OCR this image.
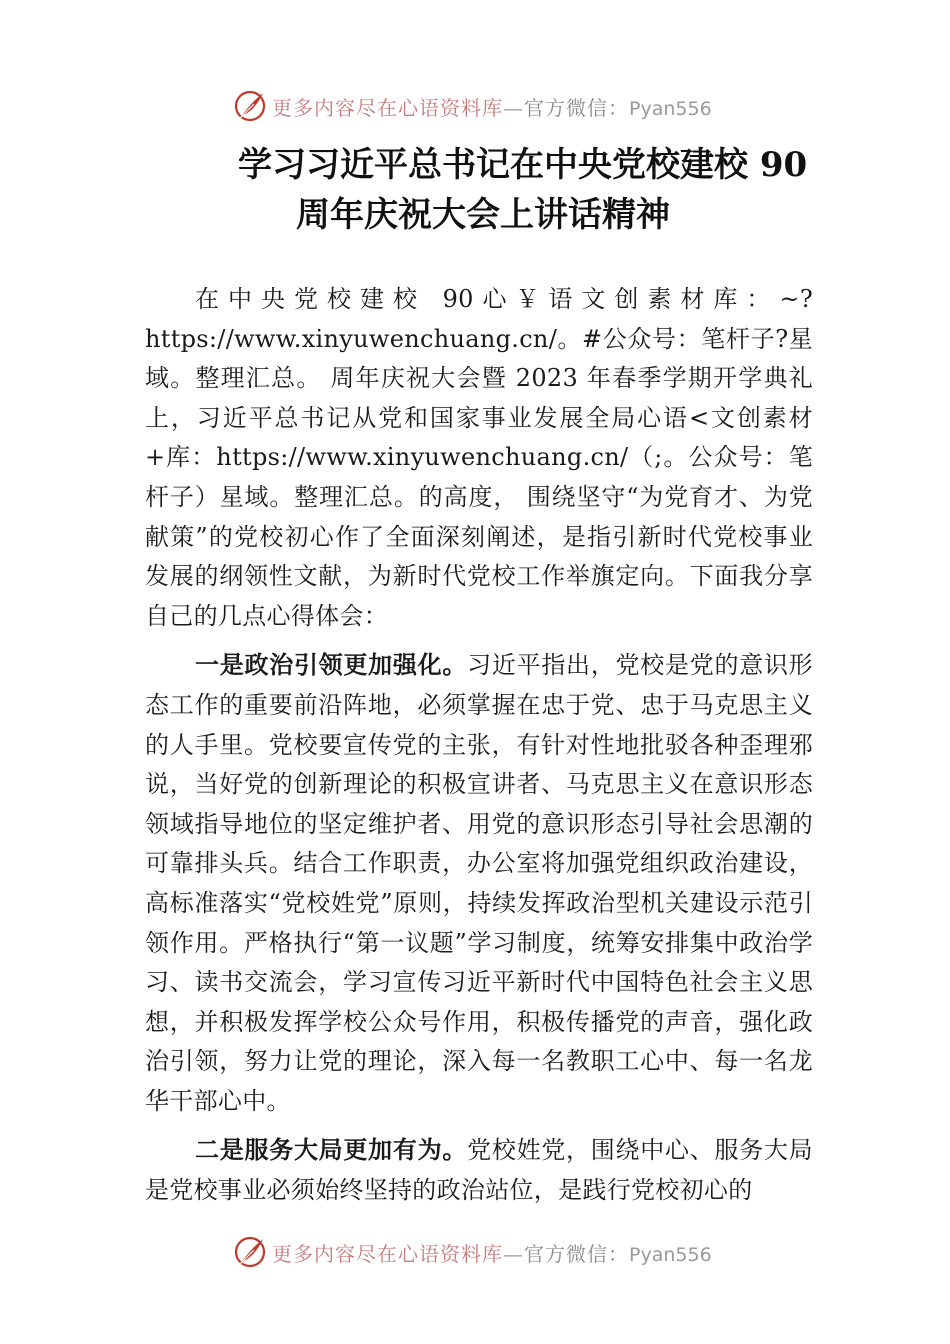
更多内容尽在心语资料库—官方微信：Pyan556
学习习近平总书记在中央党校建校 90
周年庆祝大会上讲话精神

在中央党校建校 90心￥语文创素材库：~?https://www.xinyuwenchuang.cn/。#公众号：笔杆子?星域。整理汇总。 周年庆祝大会暨 2023 年春季学期开学典礼上，习近平总书记从党和国家事业发展全局心语<文创素材+库：https://www.xinyuwenchuang.cn/（;。公众号：笔杆子）星域。整理汇总。的高度， 围绕坚守“为党育才、为党献策”的党校初心作了全面深刻阐述，是指引新时代党校事业发展的纲领性文献，为新时代党校工作举旗定向。下面我分享自己的几点心得体会：

一是政治引领更加强化。习近平指出，党校是党的意识形态工作的重要前沿阵地，必须掌握在忠于党、忠于马克思主义的人手里。党校要宣传党的主张，有针对性地批驳各种歪理邪说，当好党的创新理论的积极宣讲者、马克思主义在意识形态领域指导地位的坚定维护者、用党的意识形态引导社会思潮的可靠排头兵。结合工作职责，办公室将加强党组织政治建设，高标准落实“党校姓党”原则，持续发挥政治型机关建设示范引领作用。严格执行“第一议题”学习制度，统筹安排集中政治学习、读书交流会，学习宣传习近平新时代中国特色社会主义思想，并积极发挥学校公众号作用，积极传播党的声音，强化政治引领，努力让党的理论，深入每一名教职工心中、每一名龙华干部心中。

二是服务大局更加有为。党校姓党，围绕中心、服务大局是党校事业必须始终坚持的政治站位，是践行党校初心的

更多内容尽在心语资料库—官方微信：Pyan556
